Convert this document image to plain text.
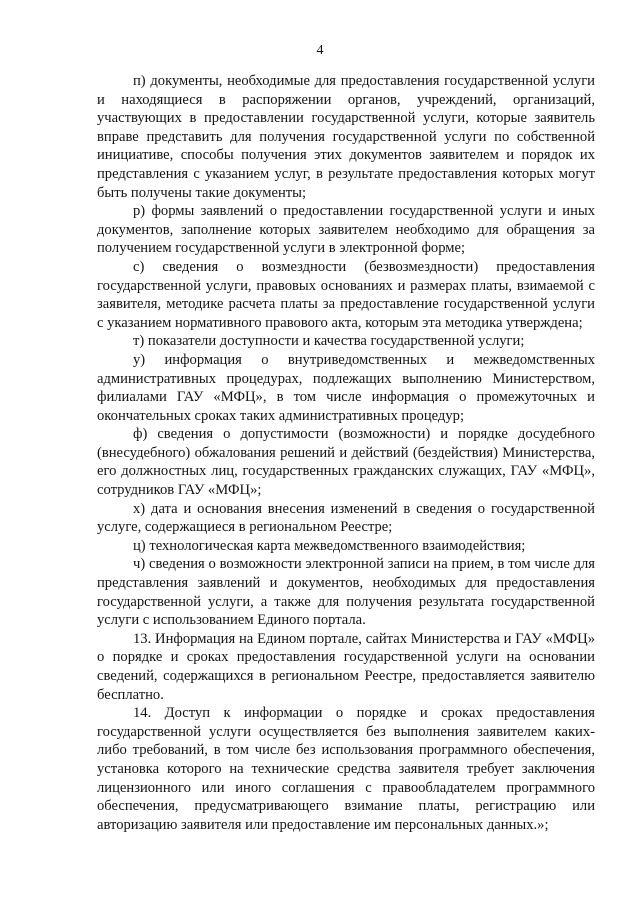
4

п) документы, необходимые для предоставления государственной услуги и находящиеся в распоряжении органов, учреждений, организаций, участвующих в предоставлении государственной услуги, которые заявитель вправе представить для получения государственной услуги по собственной инициативе, способы получения этих документов заявителем и порядок их представления с указанием услуг, в результате предоставления которых могут быть получены такие документы;

р) формы заявлений о предоставлении государственной услуги и иных документов, заполнение которых заявителем необходимо для обращения за получением государственной услуги в электронной форме;

с) сведения о возмездности (безвозмездности) предоставления государственной услуги, правовых основаниях и размерах платы, взимаемой с заявителя, методике расчета платы за предоставление государственной услуги с указанием нормативного правового акта, которым эта методика утверждена;

т) показатели доступности и качества государственной услуги;

у) информация о внутриведомственных и межведомственных административных процедурах, подлежащих выполнению Министерством, филиалами ГАУ «МФЦ», в том числе информация о промежуточных и окончательных сроках таких административных процедур;

ф) сведения о допустимости (возможности) и порядке досудебного (внесудебного) обжалования решений и действий (бездействия) Министерства, его должностных лиц, государственных гражданских служащих, ГАУ «МФЦ», сотрудников ГАУ «МФЦ»;

х) дата и основания внесения изменений в сведения о государственной услуге, содержащиеся в региональном Реестре;

ц) технологическая карта межведомственного взаимодействия;

ч) сведения о возможности электронной записи на прием, в том числе для представления заявлений и документов, необходимых для предоставления государственной услуги, а также для получения результата государственной услуги с использованием Единого портала.

13. Информация на Едином портале, сайтах Министерства и ГАУ «МФЦ» о порядке и сроках предоставления государственной услуги на основании сведений, содержащихся в региональном Реестре, предоставляется заявителю бесплатно.

14. Доступ к информации о порядке и сроках предоставления государственной услуги осуществляется без выполнения заявителем каких-либо требований, в том числе без использования программного обеспечения, установка которого на технические средства заявителя требует заключения лицензионного или иного соглашения с правообладателем программного обеспечения, предусматривающего взимание платы, регистрацию или авторизацию заявителя или предоставление им персональных данных.»;
